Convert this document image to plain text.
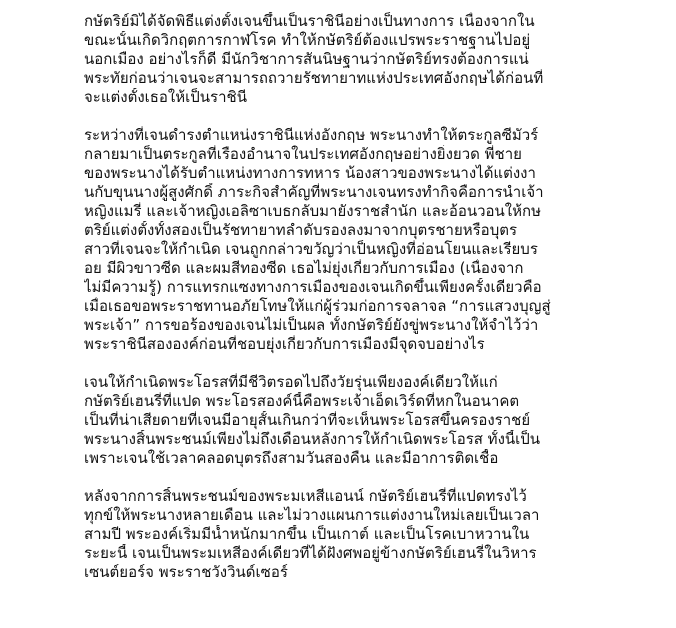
กษัตริย์มิได้จัดพิธีแต่งตั้งเจนขึ้นเป็นราชินีอย่างเป็นทางการ เนื่องจากใน
ขณะนั้นเกิดวิกฤตการกาฬโรค ทำให้กษัตริย์ต้องแปรพระราชฐานไปอยู่
นอกเมือง อย่างไรก็ดี มีนักวิชาการสันนิษฐานว่ากษัตริย์ทรงต้องการแน่
พระทัยก่อนว่าเจนจะสามารถถวายรัชทายาทแห่งประเทศอังกฤษได้ก่อนที่
จะแต่งตั้งเธอให้เป็นราชินี
ระหว่างที่เจนดำรงตำแหน่งราชินีแห่งอังกฤษ พระนางทำให้ตระกูลซีมัวร์
กลายมาเป็นตระกูลที่เรืองอำนาจในประเทศอังกฤษอย่างยิ่งยวด พี่ชาย
ของพระนางได้รับตำแหน่งทางการทหาร น้องสาวของพระนางได้แต่งงา
นกับขุนนางผู้สูงศักดิ์ ภาระกิจสำคัญที่พระนางเจนทรงทำกิจคือการนำเจ้า
หญิงแมรี่ และเจ้าหญิงเอลิซาเบธกลับมายังราชสำนัก และอ้อนวอนให้กษ
ัตริย์แต่งตั้งทั้งสองเป็นรัชทายาทลำดับรองลงมาจากบุตรชายหรือบุตร
สาวที่เจนจะให้กำเนิด เจนถูกกล่าวขวัญว่าเป็นหญิงที่อ่อนโยนและเรียบร
้อย มีผิวขาวซีด และผมสีทองซีด เธอไม่ยุ่งเกี่ยวกับการเมือง (เนื่องจาก
ไม่มีความรู้) การแทรกแซงทางการเมืองของเจนเกิดขึ้นเพียงครั้งเดียวคือ
เมื่อเธอขอพระราชทานอภัยโทษให้แก่ผู้ร่วมก่อการจลาจล “การแสวงบุญสู่
พระเจ้า” การขอร้องของเจนไม่เป็นผล ทั้งกษัตริย์ยังขู่พระนางให้จำไว้ว่า
พระราชินีสององค์ก่อนที่ชอบยุ่งเกี่ยวกับการเมืองมีจุดจบอย่างไร
เจนให้กำเนิดพระโอรสที่มีชีวิตรอดไปถึงวัยรุ่นเพียงองค์เดียวให้แก่
กษัตริย์เฮนรี่ที่แปด พระโอรสองค์นี้คือพระเจ้าเอ็ดเวิร์ดที่หกในอนาคต
เป็นที่น่าเสียดายที่เจนมีอายุสั้นเกินกว่าที่จะเห็นพระโอรสขึ้นครองราชย์
พระนางสิ้นพระชนม์เพียงไม่ถึงเดือนหลังการให้กำเนิดพระโอรส ทั้งนี้เป็น
เพราะเจนใช้เวลาคลอดบุตรถึงสามวันสองคืน และมีอาการติดเชื้อ
หลังจากการสิ้นพระชนม์ของพระมเหสีแอนน์ กษัตริย์เฮนรี่ที่แปดทรงไว้
ทุกข์ให้พระนางหลายเดือน และไม่วางแผนการแต่งงานใหม่เลยเป็นเวลา
สามปี พระองค์เริ่มมีน้ำหนักมากขึ้น เป็นเกาต์ และเป็นโรคเบาหวานใน
ระยะนี้ เจนเป็นพระมเหสีองค์เดียวที่ได้ฝังศพอยู่ข้างกษัตริย์เฮนรี่ในวิหาร
เซนต์ยอร์จ พระราชวังวินด์เซอร์
